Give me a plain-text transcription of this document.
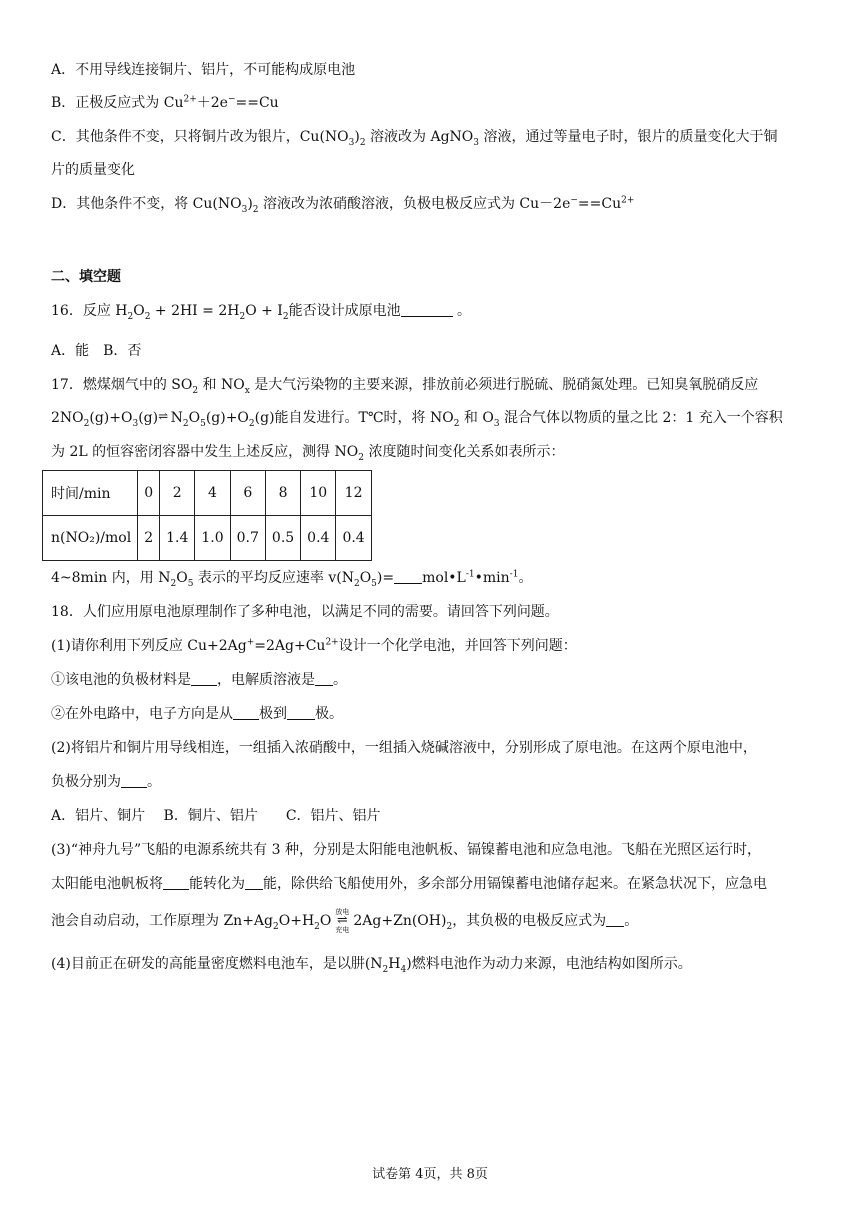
A．不用导线连接铜片、铝片，不可能构成原电池
B．正极反应式为 $Cu^{2+}+2e^-==Cu$
C．其他条件不变，只将铜片改为银片，$Cu(NO_3)_2$ 溶液改为 AgNO$_3$ 溶液，通过等量电子时，银片的质量变化大于铜
片的质量变化
D．其他条件不变，将 $Cu(NO_3)_2$ 溶液改为浓硝酸溶液，负极电极反应式为 $Cu-2e^-==Cu^{2+}$
二、填空题
16．反应 $H_2O_2 + 2HI = 2H_2O + I_2$能否设计成原电池	。
A．能　B．否
17．燃煤烟气中的 $SO_2$ 和 $NO_x$ 是大气污染物的主要来源，排放前必须进行脱硫、脱硝氮处理。已知臭氧脱硝反应
$2NO_2(g)+O_3(g)\rightleftharpoons$ $N_2O_5(g)+O_2(g)$能自发进行。T℃时，将 $NO_2$ 和 $O_3$ 混合气体以物质的量之比 2：1 充入一个容积
为 2L 的恒容密闭容器中发生上述反应，测得 $NO_2$ 浓度随时间变化关系如表所示：
时间/min	0	2	4	6	8	10	12
n(NO₂)/mol	2	1.4	1.0	0.7	0.5	0.4	0.4
4~8min 内，用 $N_2O_5$ 表示的平均反应速率 $v(N_2O_5)=$ $mol•L^{-1}•\min^{-1}$。
18．人们应用原电池原理制作了多种电池，以满足不同的需要。请回答下列问题。
(1)请你利用下列反应 $Cu+2Ag^+=2Ag+Cu^{2+}$设计一个化学电池，并回答下列问题：
①该电池的负极材料是 ，电解质溶液是 。
②在外电路中，电子方向是从 极到 极。
(2)将铝片和铜片用导线相连，一组插入浓硝酸中，一组插入烧碱溶液中，分别形成了原电池。在这两个原电池中，
负极分别为 。
A．铝片、铜片　 B．铜片、铝片　　C．铝片、铝片
(3)“神舟九号”飞船的电源系统共有 3 种，分别是太阳能电池帆板、镉镍蓄电池和应急电池。飞船在光照区运行时，
太阳能电池帆板将 能转化为 能，除供给飞船使用外，多余部分用镉镍蓄电池储存起来。在紧急状况下，应急电
池会自动启动，工作原理为 $Zn+Ag_2O+H_2O$
放电
⇌
充电
$2Ag+Zn(OH)_2$，其负极的电极反应式为 。
(4)目前正在研发的高能量密度燃料电池车，是以肼$(N_2H_4)$燃料电池作为动力来源，电池结构如图所示。
试卷第 4页，共 8页
